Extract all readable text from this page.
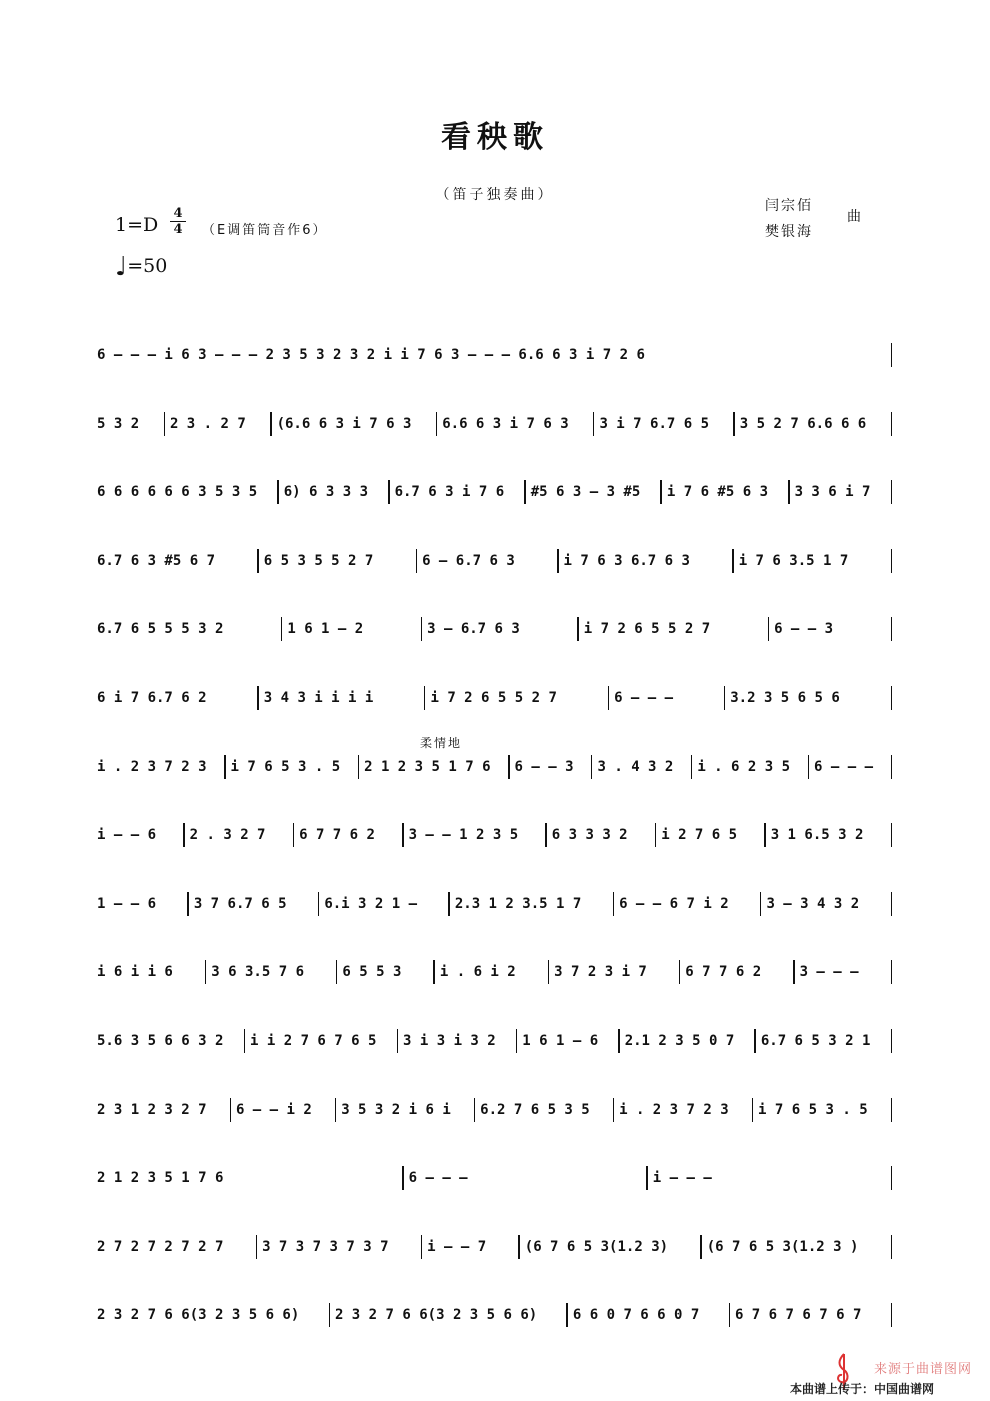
看秧歌
（笛子独奏曲）
1=D
4
4 （E调笛筒音作6）
♩=50
闫宗佰
樊银海
曲
柔情地
6 – – – i 6 3 – – – 2 3 5 3 2 3 2 i i 7 6 3 – – – 6.6 6 3 i 7 2 6
5 3 2	2 3 . 2 7	(6.6 6 3 i 7 6 3	6.6 6 3 i 7 6 3	3 i 7 6.7 6 5	3 5 2 7 6.6 6 6
6 6 6 6 6 6 3 5 3 5	6) 6 3 3 3	6.7 6 3 i 7 6	#5 6 3 – 3 #5	i 7 6 #5 6 3	3 3 6 i 7
6.7 6 3 #5 6 7	6 5 3 5 5 2 7	6 – 6.7 6 3	i 7 6 3 6.7 6 3	i 7 6 3.5 1 7
6.7 6 5 5 5 3 2	1 6 1 – 2	3 – 6.7 6 3	i 7 2 6 5 5 2 7	6 – – 3
6 i 7 6.7 6 2	3 4 3 i i i i	i 7 2 6 5 5 2 7	6 – – –	3.2 3 5 6 5 6
i . 2 3 7 2 3	i 7 6 5 3 . 5	2 1 2 3 5 1 7 6	6 – – 3	3 . 4 3 2	i . 6 2 3 5	6 – – –
i – – 6	2 . 3 2 7	6 7 7 6 2	3 – – 1 2 3 5	6 3 3 3 2	i 2 7 6 5	3 1 6.5 3 2
1 – – 6	3 7 6.7 6 5	6.i 3 2 1 –	2.3 1 2 3.5 1 7	6 – – 6 7 i 2	3 – 3 4 3 2
i 6 i i 6	3 6 3.5 7 6	6 5 5 3	i . 6 i 2	3 7 2 3 i 7	6 7 7 6 2	3 – – –
5.6 3 5 6 6 3 2	i i 2 7 6 7 6 5	3 i 3 i 3 2	1 6 1 – 6	2.1 2 3 5 0 7	6.7 6 5 3 2 1
2 3 1 2 3 2 7	6 – – i 2	3 5 3 2 i 6 i	6.2 7 6 5 3 5	i . 2 3 7 2 3	i 7 6 5 3 . 5
2 1 2 3 5 1 7 6	6 – – –	i – – –
2 7 2 7 2 7 2 7	3 7 3 7 3 7 3 7	i – – 7	(6 7 6 5 3(1.2 3)	(6 7 6 5 3(1.2 3 )
2 3 2 7 6 6(3 2 3 5 6 6)	2 3 2 7 6 6(3 2 3 5 6 6)	6 6 0 7 6 6 0 7	6 7 6 7 6 7 6 7
来源于曲谱图网
本曲谱上传于：中国曲谱网
